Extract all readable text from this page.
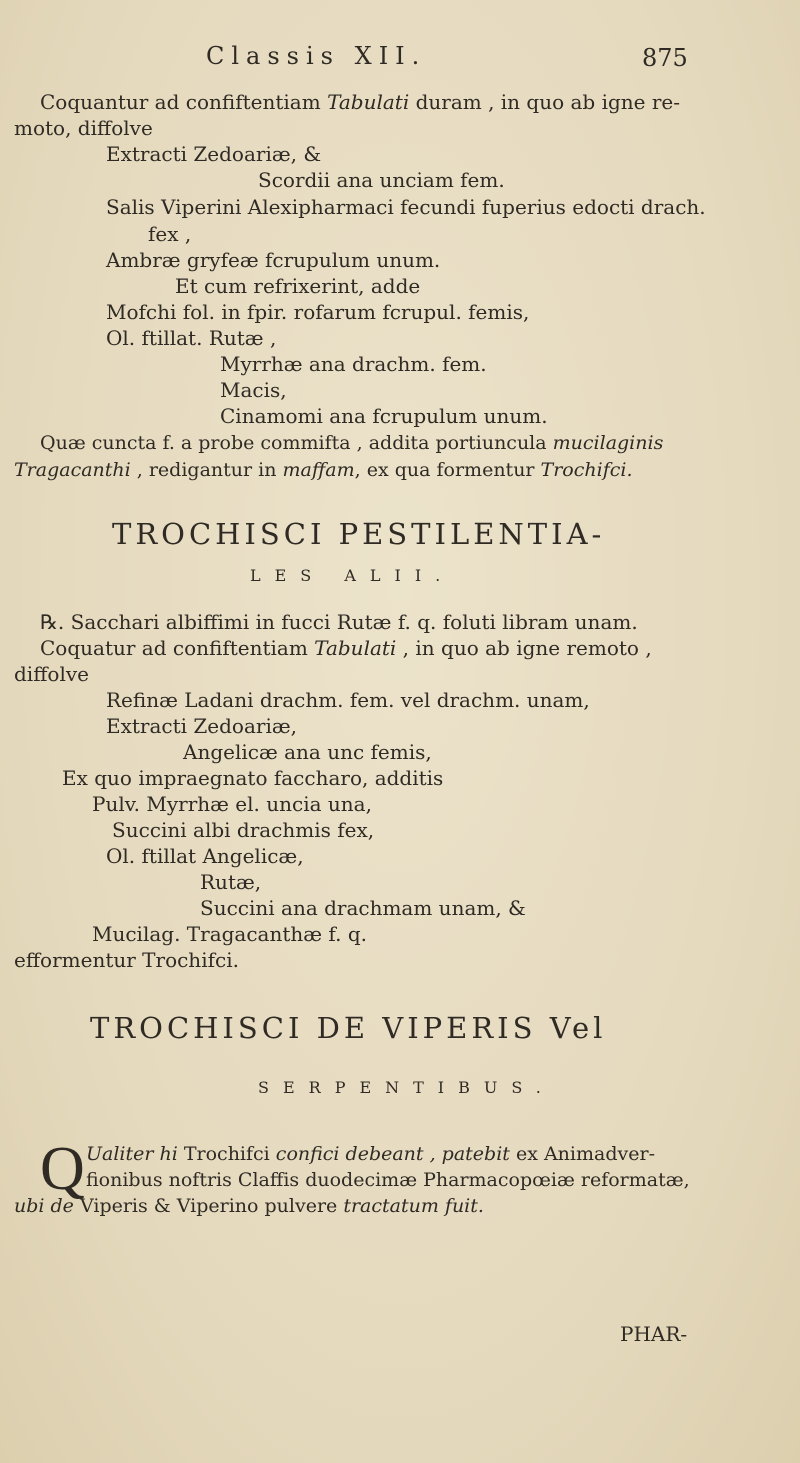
Classis XII.	875
Coquantur ad confiftentiam Tabulati duram , in quo ab igne re-
moto, diffolve
Extracti Zedoariæ, &
Scordii ana unciam fem.
Salis Viperini Alexipharmaci fecundi fuperius edocti drach.
fex ,
Ambræ gryfeæ fcrupulum unum.
Et cum refrixerint, adde
Mofchi fol. in fpir. rofarum fcrupul. femis,
Ol. ftillat. Rutæ ,
Myrrhæ ana drachm. fem.
Macis,
Cinamomi ana fcrupulum unum.
Quæ cuncta f. a probe commifta , addita portiuncula mucilaginis
Tragacanthi , redigantur in maffam, ex qua formentur Trochifci.
TROCHISCI PESTILENTIA-
LES ALII.
℞. Sacchari albiffimi in fucci Rutæ f. q. foluti libram unam.
Coquatur ad confiftentiam Tabulati , in quo ab igne remoto ,
diffolve
Refinæ Ladani drachm. fem. vel drachm. unam,
Extracti Zedoariæ,
Angelicæ ana unc femis,
Ex quo impraegnato faccharo, additis
Pulv. Myrrhæ el. uncia una,
Succini albi drachmis fex,
Ol. ftillat Angelicæ,
Rutæ,
Succini ana drachmam unam, &
Mucilag. Tragacanthæ f. q.
efformentur Trochifci.
TROCHISCI DE VIPERIS Vel
SERPENTIBUS.
Q Ualiter hi Trochifci confici debeant , patebit ex Animadver-
fionibus noftris Claffis duodecimæ Pharmacopœiæ reformatæ,
ubi de Viperis & Viperino pulvere tractatum fuit.
PHAR-
